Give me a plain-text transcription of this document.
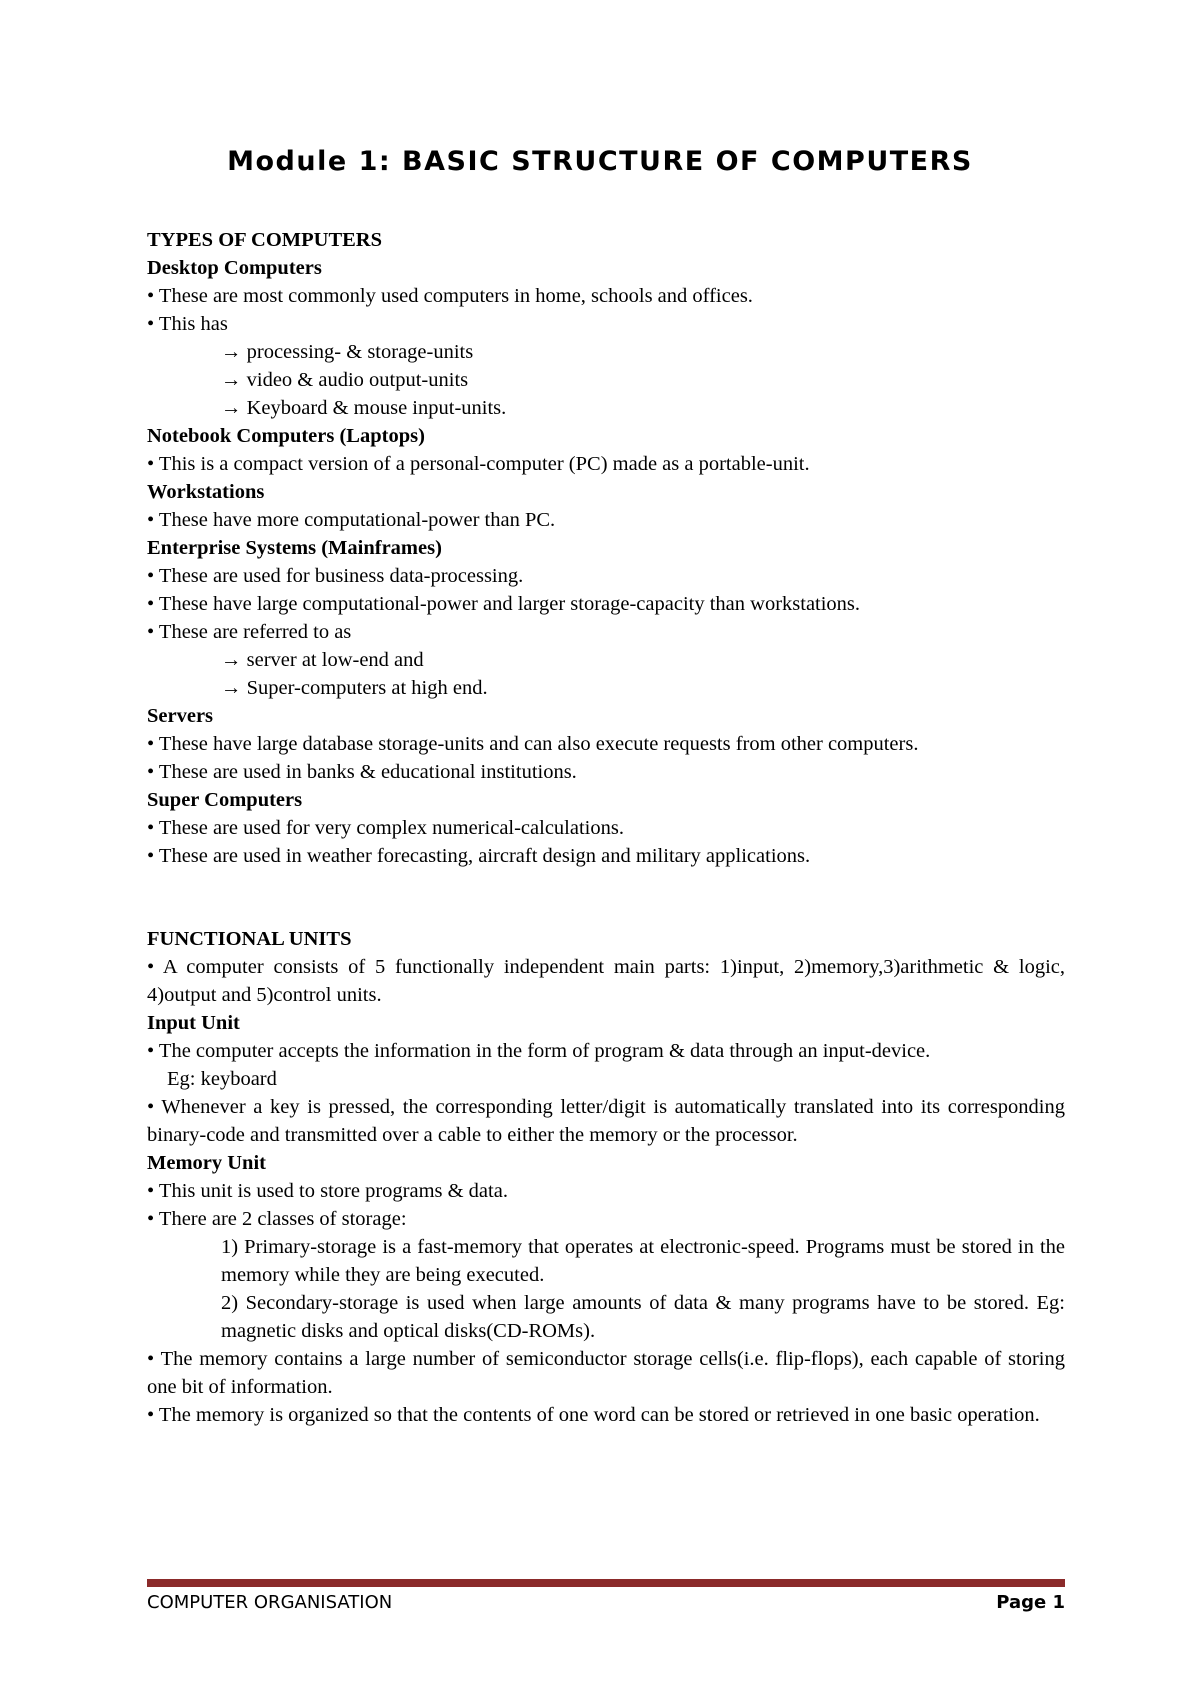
Module 1: BASIC STRUCTURE OF COMPUTERS
TYPES OF COMPUTERS
Desktop Computers
• These are most commonly used computers in home, schools and offices.
• This has
→ processing- & storage-units
→ video & audio output-units
→ Keyboard & mouse input-units.
Notebook Computers (Laptops)
• This is a compact version of a personal-computer (PC) made as a portable-unit.
Workstations
• These have more computational-power than PC.
Enterprise Systems (Mainframes)
• These are used for business data-processing.
• These have large computational-power and larger storage-capacity than workstations.
• These are referred to as
→ server at low-end and
→ Super-computers at high end.
Servers
• These have large database storage-units and can also execute requests from other computers.
• These are used in banks & educational institutions.
Super Computers
• These are used for very complex numerical-calculations.
• These are used in weather forecasting, aircraft design and military applications.
FUNCTIONAL UNITS
• A computer consists of 5 functionally independent main parts: 1)input, 2)memory,3)arithmetic & logic, 4)output and 5)control units.
Input Unit
• The computer accepts the information in the form of program & data through an input-device.
Eg: keyboard
• Whenever a key is pressed, the corresponding letter/digit is automatically translated into its corresponding binary-code and transmitted over a cable to either the memory or the processor.
Memory Unit
• This unit is used to store programs & data.
• There are 2 classes of storage:
1) Primary-storage is a fast-memory that operates at electronic-speed. Programs must be stored in the memory while they are being executed.
2) Secondary-storage is used when large amounts of data & many programs have to be stored. Eg: magnetic disks and optical disks(CD-ROMs).
• The memory contains a large number of semiconductor storage cells(i.e. flip-flops), each capable of storing one bit of information.
• The memory is organized so that the contents of one word can be stored or retrieved in one basic operation.
COMPUTER ORGANISATION	Page 1
